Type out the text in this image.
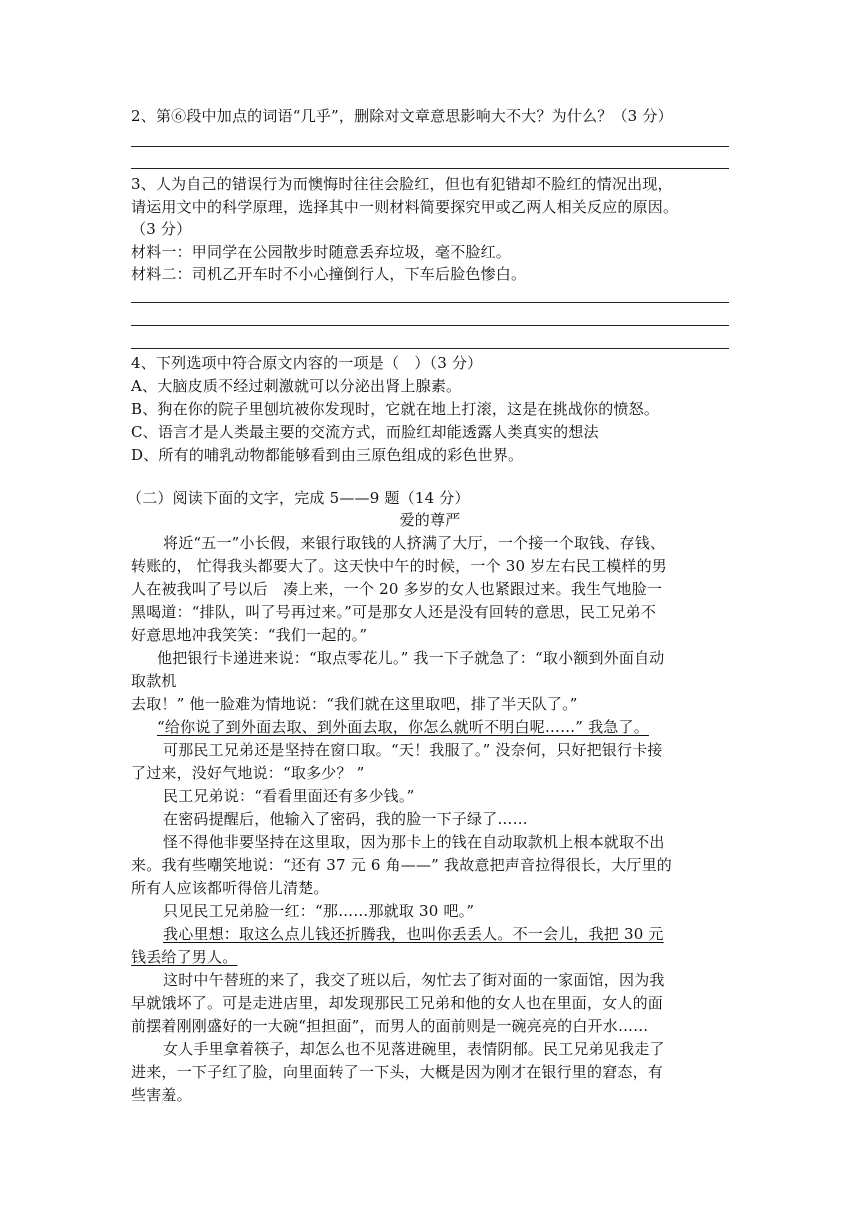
2、第⑥段中加点的词语“几乎”，删除对文章意思影响大不大？为什么？（3 分）
3、人为自己的错误行为而懊悔时往往会脸红，但也有犯错却不脸红的情况出现，
请运用文中的科学原理，选择其中一则材料简要探究甲或乙两人相关反应的原因。
（3 分）
材料一：甲同学在公园散步时随意丢弃垃圾，毫不脸红。
材料二：司机乙开车时不小心撞倒行人，下车后脸色惨白。
4、下列选项中符合原文内容的一项是（　）（3 分）
A、大脑皮质不经过刺激就可以分泌出肾上腺素。
B、狗在你的院子里刨坑被你发现时，它就在地上打滚，这是在挑战你的愤怒。
C、语言才是人类最主要的交流方式，而脸红却能透露人类真实的想法
D、所有的哺乳动物都能够看到由三原色组成的彩色世界。
（二）阅读下面的文字，完成 5——9 题（14 分）
爱的尊严
将近“五一”小长假，来银行取钱的人挤满了大厅，一个接一个取钱、存钱、
转账的， 忙得我头都要大了。这天快中午的时候，一个 30 岁左右民工模样的男
人在被我叫了号以后　凑上来，一个 20 多岁的女人也紧跟过来。我生气地脸一
黑喝道：“排队，叫了号再过来。”可是那女人还是没有回转的意思，民工兄弟不
好意思地冲我笑笑：“我们一起的。”
他把银行卡递进来说：“取点零花儿。” 我一下子就急了：“取小额到外面自动
取款机
去取！” 他一脸难为情地说：“我们就在这里取吧，排了半天队了。”
“给你说了到外面去取、到外面去取，你怎么就听不明白呢……” 我急了。
可那民工兄弟还是坚持在窗口取。“天！我服了。” 没奈何，只好把银行卡接
了过来，没好气地说：“取多少？ ”
民工兄弟说：“看看里面还有多少钱。”
在密码提醒后，他输入了密码，我的脸一下子绿了……
怪不得他非要坚持在这里取，因为那卡上的钱在自动取款机上根本就取不出
来。我有些嘲笑地说：“还有 37 元 6 角——” 我故意把声音拉得很长，大厅里的
所有人应该都听得倍儿清楚。
只见民工兄弟脸一红：“那……那就取 30 吧。”
我心里想：取这么点儿钱还折腾我，也叫你丢丢人。不一会儿，我把 30 元
钱丢给了男人。
这时中午替班的来了，我交了班以后，匆忙去了街对面的一家面馆，因为我
早就饿坏了。可是走进店里，却发现那民工兄弟和他的女人也在里面，女人的面
前摆着刚刚盛好的一大碗“担担面”，而男人的面前则是一碗亮亮的白开水……
女人手里拿着筷子，却怎么也不见落进碗里，表情阴郁。民工兄弟见我走了
进来，一下子红了脸，向里面转了一下头，大概是因为刚才在银行里的窘态，有
些害羞。
